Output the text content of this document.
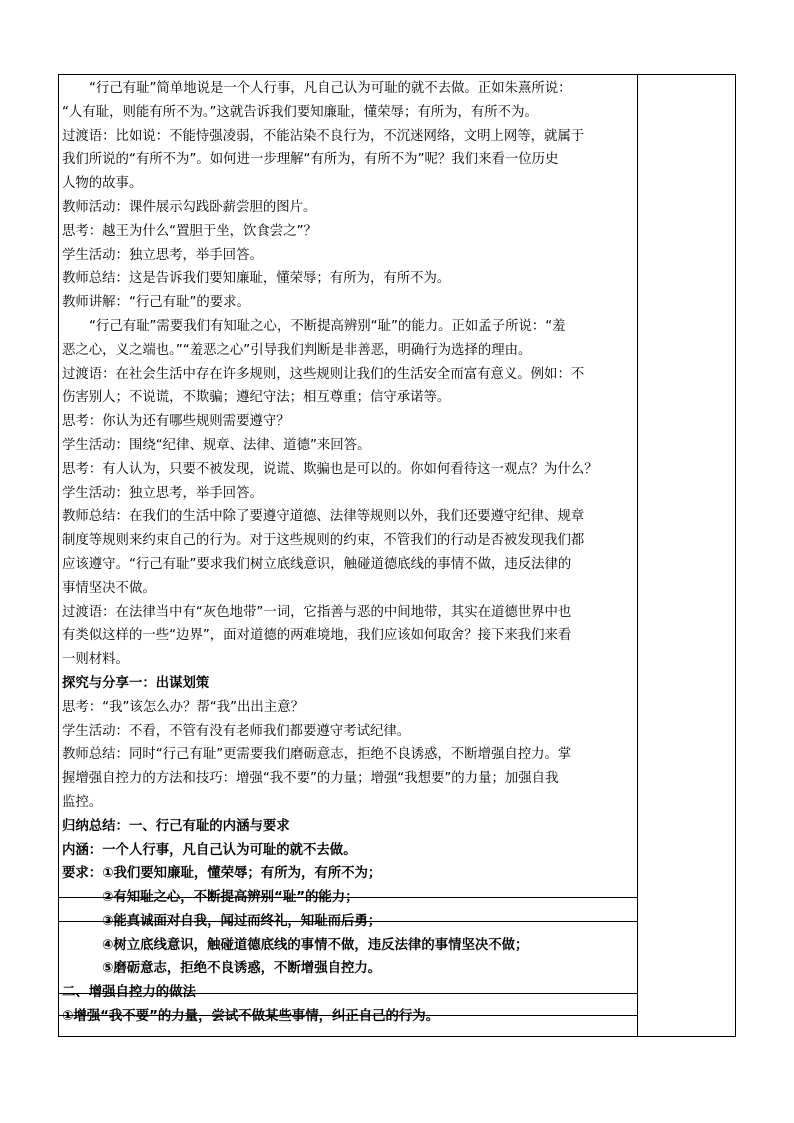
“行己有耻”简单地说是一个人行事，凡自己认为可耻的就不去做。正如朱熹所说：
“人有耻，则能有所不为。”这就告诉我们要知廉耻，懂荣辱；有所为，有所不为。
过渡语：比如说：不能恃强凌弱，不能沾染不良行为，不沉迷网络，文明上网等，就属于
我们所说的“有所不为”。如何进一步理解“有所为，有所不为”呢？我们来看一位历史
人物的故事。
教师活动：课件展示勾践卧薪尝胆的图片。
思考：越王为什么“置胆于坐，饮食尝之”？
学生活动：独立思考，举手回答。
教师总结：这是告诉我们要知廉耻，懂荣辱；有所为，有所不为。
教师讲解：“行己有耻”的要求。
“行己有耻”需要我们有知耻之心，不断提高辨别“耻”的能力。正如孟子所说：“羞
恶之心，义之端也。”“羞恶之心”引导我们判断是非善恶，明确行为选择的理由。
过渡语：在社会生活中存在许多规则，这些规则让我们的生活安全而富有意义。例如：不
伤害别人；不说谎，不欺骗；遵纪守法；相互尊重；信守承诺等。
思考：你认为还有哪些规则需要遵守？
学生活动：围绕“纪律、规章、法律、道德”来回答。
思考：有人认为，只要不被发现，说谎、欺骗也是可以的。你如何看待这一观点？为什么？
学生活动：独立思考，举手回答。
教师总结：在我们的生活中除了要遵守道德、法律等规则以外，我们还要遵守纪律、规章
制度等规则来约束自己的行为。对于这些规则的约束，不管我们的行动是否被发现我们都
应该遵守。“行己有耻”要求我们树立底线意识，触碰道德底线的事情不做，违反法律的
事情坚决不做。
过渡语：在法律当中有“灰色地带”一词，它指善与恶的中间地带，其实在道德世界中也
有类似这样的一些“边界”，面对道德的两难境地，我们应该如何取舍？接下来我们来看
一则材料。
探究与分享一：出谋划策
思考：“我”该怎么办？帮“我”出出主意？
学生活动：不看，不管有没有老师我们都要遵守考试纪律。
教师总结：同时“行己有耻”更需要我们磨砺意志，拒绝不良诱惑，不断增强自控力。掌
握增强自控力的方法和技巧：增强“我不要”的力量；增强“我想要”的力量；加强自我
监控。
归纳总结：一、行己有耻的内涵与要求
内涵：一个人行事，凡自己认为可耻的就不去做。
要求：①我们要知廉耻，懂荣辱；有所为，有所不为；
②有知耻之心，不断提高辨别“耻”的能力；
③能真诚面对自我，闻过而终礼，知耻而后勇；
④树立底线意识，触碰道德底线的事情不做，违反法律的事情坚决不做；
⑤磨砺意志，拒绝不良诱惑，不断增强自控力。
二、增强自控力的做法
①增强“我不要”的力量，尝试不做某些事情，纠正自己的行为。
